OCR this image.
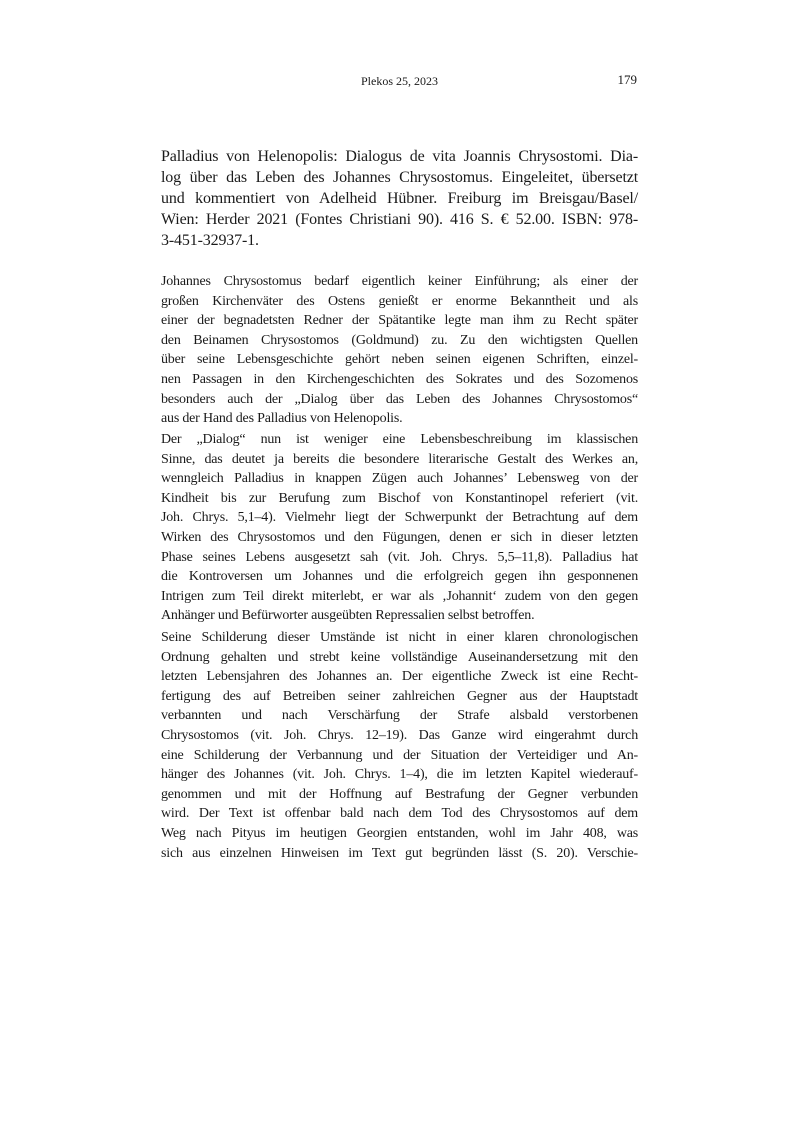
Plekos 25, 2023	179
Palladius von Helenopolis: Dialogus de vita Joannis Chrysostomi. Dia-
log über das Leben des Johannes Chrysostomus. Eingeleitet, übersetzt
und kommentiert von Adelheid Hübner. Freiburg im Breisgau/Basel/
Wien: Herder 2021 (Fontes Christiani 90). 416 S. € 52.00. ISBN: 978-
3-451-32937-1.
Johannes Chrysostomus bedarf eigentlich keiner Einführung; als einer der
großen Kirchenväter des Ostens genießt er enorme Bekanntheit und als
einer der begnadetsten Redner der Spätantike legte man ihm zu Recht später
den Beinamen Chrysostomos (Goldmund) zu. Zu den wichtigsten Quellen
über seine Lebensgeschichte gehört neben seinen eigenen Schriften, einzel-
nen Passagen in den Kirchengeschichten des Sokrates und des Sozomenos
besonders auch der „Dialog über das Leben des Johannes Chrysostomos“
aus der Hand des Palladius von Helenopolis.
Der „Dialog“ nun ist weniger eine Lebensbeschreibung im klassischen
Sinne, das deutet ja bereits die besondere literarische Gestalt des Werkes an,
wenngleich Palladius in knappen Zügen auch Johannes’ Lebensweg von der
Kindheit bis zur Berufung zum Bischof von Konstantinopel referiert (vit.
Joh. Chrys. 5,1–4). Vielmehr liegt der Schwerpunkt der Betrachtung auf dem
Wirken des Chrysostomos und den Fügungen, denen er sich in dieser letzten
Phase seines Lebens ausgesetzt sah (vit. Joh. Chrys. 5,5–11,8). Palladius hat
die Kontroversen um Johannes und die erfolgreich gegen ihn gesponnenen
Intrigen zum Teil direkt miterlebt, er war als ‚Johannit‘ zudem von den gegen
Anhänger und Befürworter ausgeübten Repressalien selbst betroffen.
Seine Schilderung dieser Umstände ist nicht in einer klaren chronologischen
Ordnung gehalten und strebt keine vollständige Auseinandersetzung mit den
letzten Lebensjahren des Johannes an. Der eigentliche Zweck ist eine Recht-
fertigung des auf Betreiben seiner zahlreichen Gegner aus der Hauptstadt
verbannten und nach Verschärfung der Strafe alsbald verstorbenen
Chrysostomos (vit. Joh. Chrys. 12–19). Das Ganze wird eingerahmt durch
eine Schilderung der Verbannung und der Situation der Verteidiger und An-
hänger des Johannes (vit. Joh. Chrys. 1–4), die im letzten Kapitel wiederauf-
genommen und mit der Hoffnung auf Bestrafung der Gegner verbunden
wird. Der Text ist offenbar bald nach dem Tod des Chrysostomos auf dem
Weg nach Pityus im heutigen Georgien entstanden, wohl im Jahr 408, was
sich aus einzelnen Hinweisen im Text gut begründen lässt (S. 20). Verschie-
